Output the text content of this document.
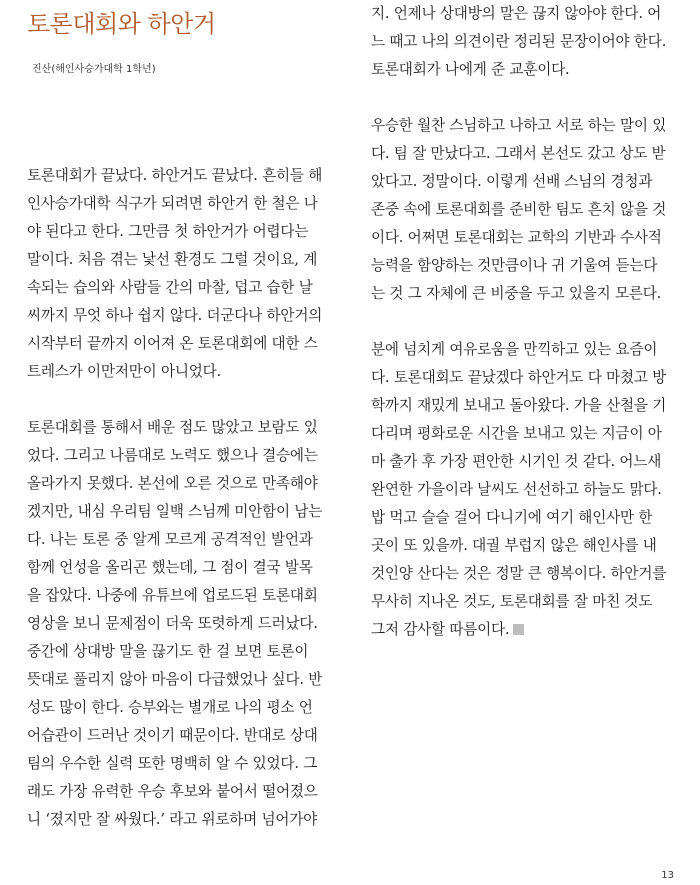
토론대회와 하안거
진산(해인사승가대학 1학년)
토론대회가 끝났다. 하안거도 끝났다. 흔히들 해
인사승가대학 식구가 되려면 하안거 한 철은 나
야 된다고 한다. 그만큼 첫 하안거가 어렵다는
말이다. 처음 겪는 낯선 환경도 그럴 것이요, 계
속되는 습의와 사람들 간의 마찰, 덥고 습한 날
씨까지 무엇 하나 쉽지 않다. 더군다나 하안거의
시작부터 끝까지 이어져 온 토론대회에 대한 스
트레스가 이만저만이 아니었다.
토론대회를 통해서 배운 점도 많았고 보람도 있
었다. 그리고 나름대로 노력도 했으나 결승에는
올라가지 못했다. 본선에 오른 것으로 만족해야
겠지만, 내심 우리팀 일백 스님께 미안함이 남는
다. 나는 토론 중 알게 모르게 공격적인 발언과
함께 언성을 올리곤 했는데, 그 점이 결국 발목
을 잡았다. 나중에 유튜브에 업로드된 토론대회
영상을 보니 문제점이 더욱 또렷하게 드러났다.
중간에 상대방 말을 끊기도 한 걸 보면 토론이
뜻대로 풀리지 않아 마음이 다급했었나 싶다. 반
성도 많이 한다. 승부와는 별개로 나의 평소 언
어습관이 드러난 것이기 때문이다. 반대로 상대
팀의 우수한 실력 또한 명백히 알 수 있었다. 그
래도 가장 유력한 우승 후보와 붙어서 떨어졌으
니 ‘졌지만 잘 싸웠다.’ 라고 위로하며 넘어가야
지. 언제나 상대방의 말은 끊지 않아야 한다. 어
느 때고 나의 의견이란 정리된 문장이어야 한다.
토론대회가 나에게 준 교훈이다.
우승한 월찬 스님하고 나하고 서로 하는 말이 있
다. 팀 잘 만났다고. 그래서 본선도 갔고 상도 받
았다고. 정말이다. 이렇게 선배 스님의 경청과
존중 속에 토론대회를 준비한 팀도 흔치 않을 것
이다. 어쩌면 토론대회는 교학의 기반과 수사적
능력을 함양하는 것만큼이나 귀 기울여 듣는다
는 것 그 자체에 큰 비중을 두고 있을지 모른다.
분에 넘치게 여유로움을 만끽하고 있는 요즘이
다. 토론대회도 끝났겠다 하안거도 다 마쳤고 방
학까지 재밌게 보내고 돌아왔다. 가을 산철을 기
다리며 평화로운 시간을 보내고 있는 지금이 아
마 출가 후 가장 편안한 시기인 것 같다. 어느새
완연한 가을이라 날씨도 선선하고 하늘도 맑다.
밥 먹고 슬슬 걸어 다니기에 여기 해인사만 한
곳이 또 있을까. 대궐 부럽지 않은 해인사를 내
것인양 산다는 것은 정말 큰 행복이다. 하안거를
무사히 지나온 것도, 토론대회를 잘 마친 것도
그저 감사할 따름이다.
13
